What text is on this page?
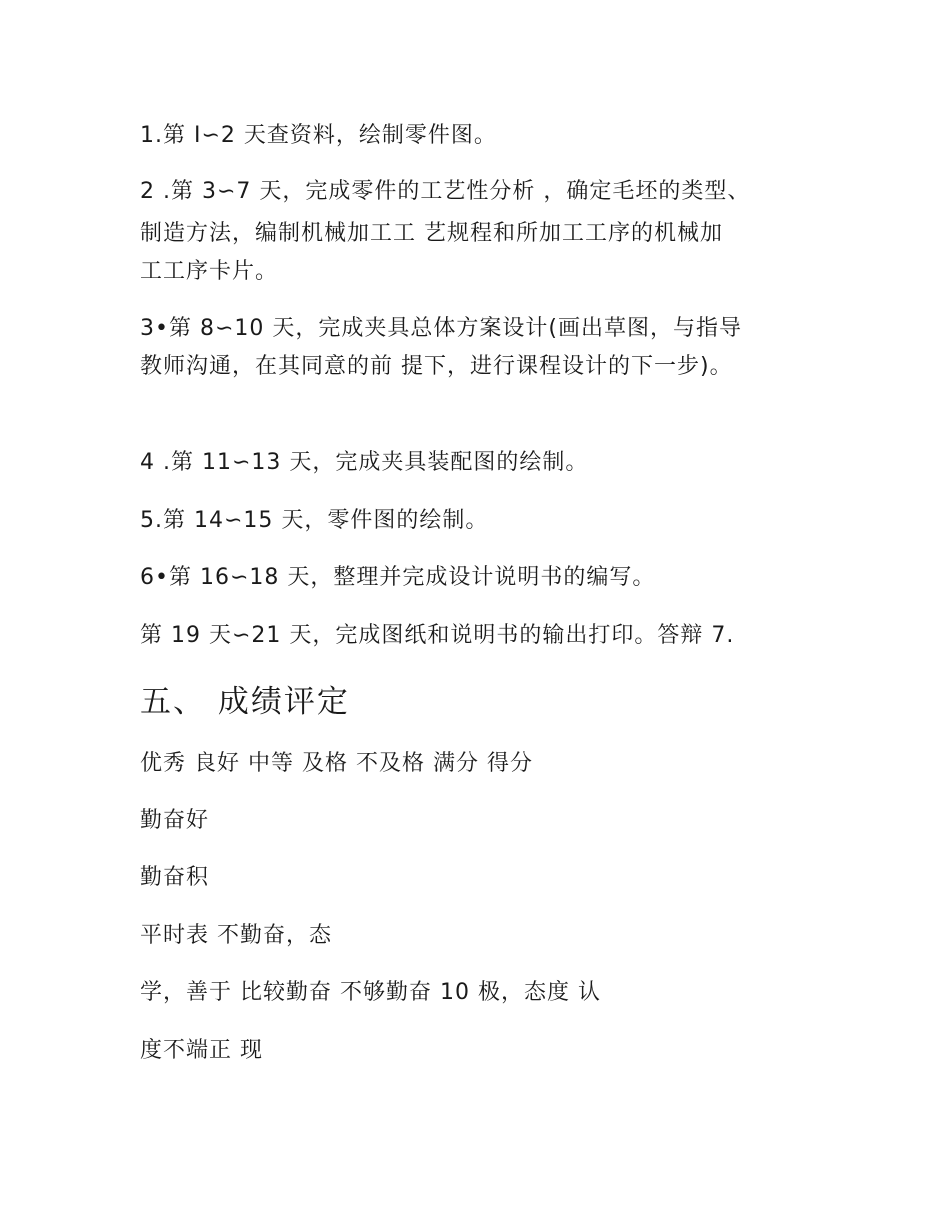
1.第 I∽2 天查资料，绘制零件图。
2 .第 3∽7 天，完成零件的工艺性分析 ，确定毛坯的类型、
制造方法，编制机械加工工 艺规程和所加工工序的机械加
工工序卡片。
3•第 8∽10 天，完成夹具总体方案设计(画出草图，与指导
教师沟通，在其同意的前 提下，进行课程设计的下一步)。
4 .第 11∽13 天，完成夹具装配图的绘制。
5.第 14∽15 天，零件图的绘制。
6•第 16∽18 天，整理并完成设计说明书的编写。
第 19 天∽21 天，完成图纸和说明书的输出打印。答辩 7.
五、 成绩评定
优秀 良好 中等 及格 不及格 满分 得分
勤奋好
勤奋积
平时表 不勤奋，态
学，善于 比较勤奋 不够勤奋 10 极，态度 认
度不端正 现
